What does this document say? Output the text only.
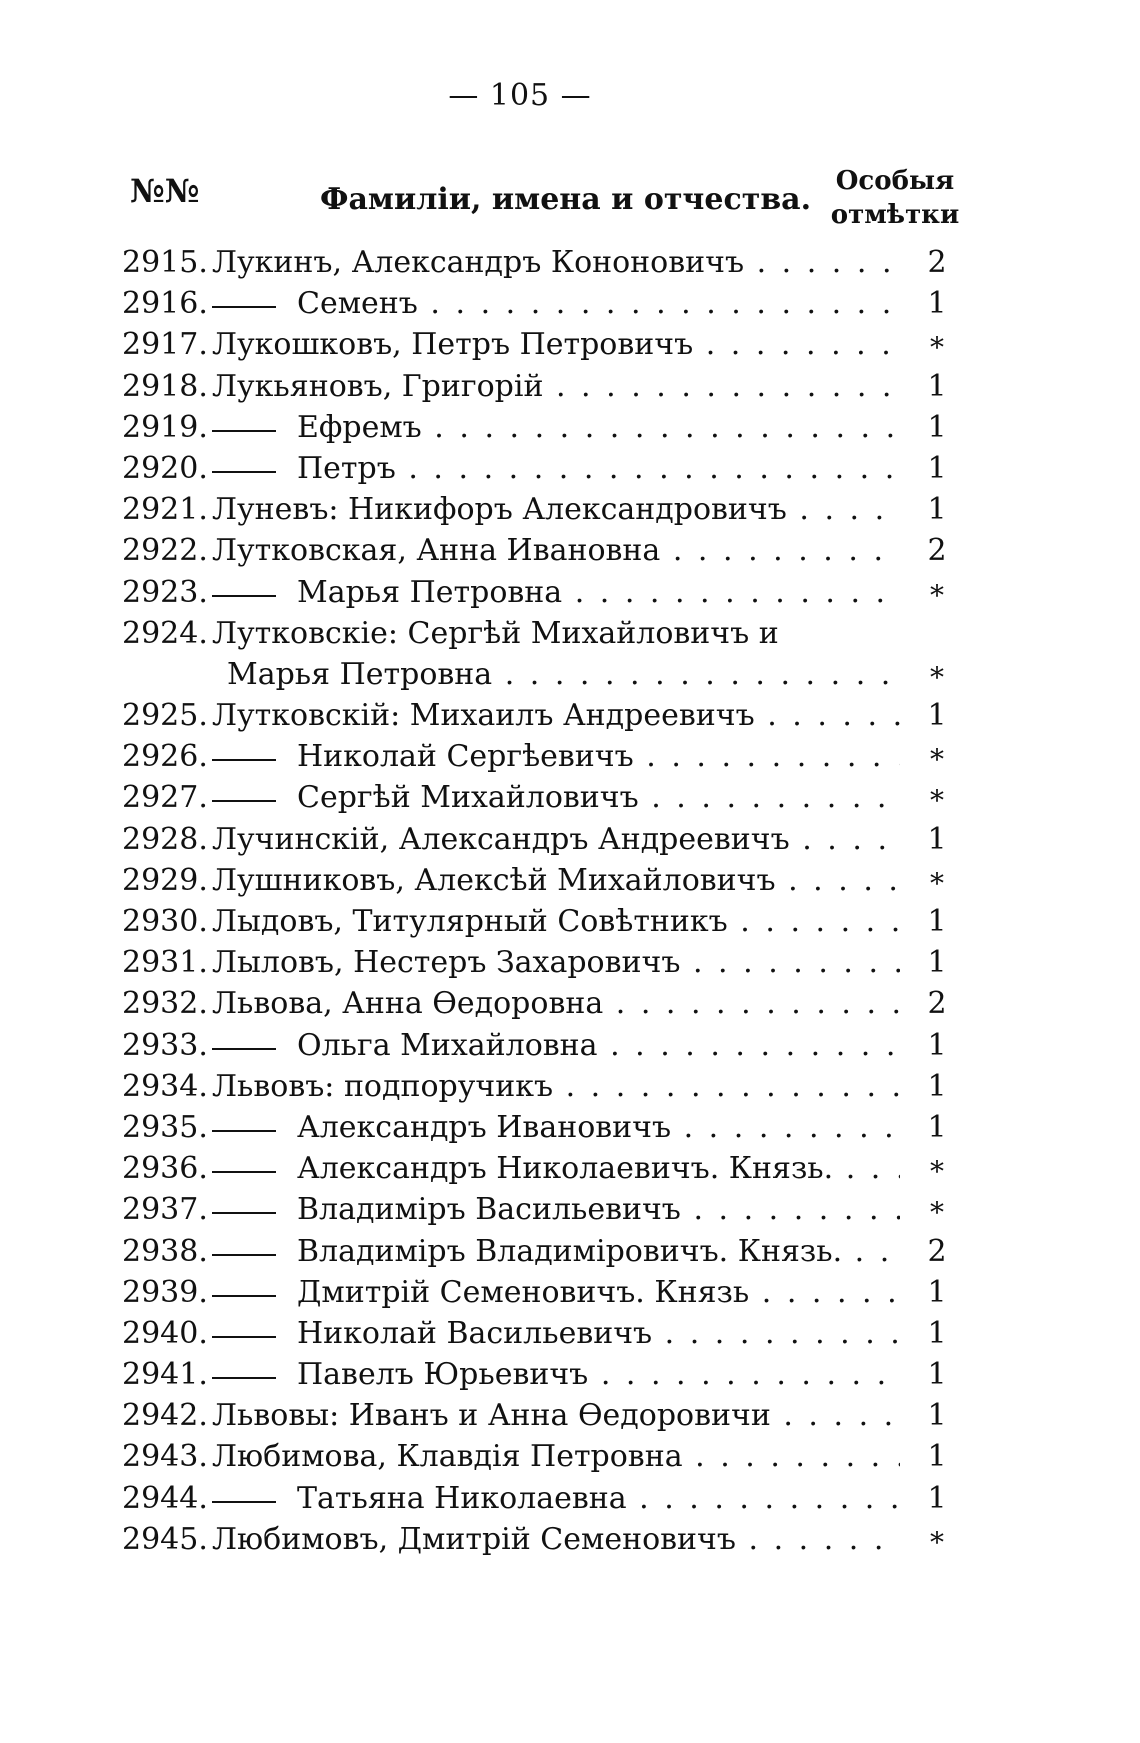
— 105 —
№№	Фамиліи, имена и отчества.
Особыя отмѣтки
2915. Лукинъ, Александръ Кононовичъ . . .	2
2916.	Семенъ . . .	1
2917. Лукошковъ, Петръ Петровичъ . . .	*
2918. Лукьяновъ, Григорій . . .	1
2919.	Ефремъ . . .	1
2920.	Петръ . . .	1
2921. Луневъ: Никифоръ Александровичъ . . .	1
2922. Лутковская, Анна Ивановна . . .	2
2923.	Марья Петровна . . .	*
2924. Лутковскіе: Сергѣй Михайловичъ и
Марья Петровна . . .	*
2925. Лутковскій: Михаилъ Андреевичъ . . .	1
2926.	Николай Сергѣевичъ . . .	*
2927.	Сергѣй Михайловичъ . . .	*
2928. Лучинскій, Александръ Андреевичъ . . .	1
2929. Лушниковъ, Алексѣй Михайловичъ . . .	*
2930. Лыдовъ, Титулярный Совѣтникъ . . .	1
2931. Лыловъ, Нестеръ Захаровичъ . . .	1
2932. Львова, Анна Өедоровна . . .	2
2933.	Ольга Михайловна . . .	1
2934. Львовъ: подпоручикъ . . .	1
2935.	Александръ Ивановичъ . . .	1
2936.	Александръ Николаевичъ. Князь. . . .	*
2937.	Владиміръ Васильевичъ . . .	*
2938.	Владиміръ Владиміровичъ. Князь. . . .	2
2939.	Дмитрій Семеновичъ. Князь . . .	1
2940.	Николай Васильевичъ . . .	1
2941.	Павелъ Юрьевичъ . . .	1
2942. Львовы: Иванъ и Анна Өедоровичи . . .	1
2943. Любимова, Клавдія Петровна . . .	1
2944.	Татьяна Николаевна . . .	1
2945. Любимовъ, Дмитрій Семеновичъ . . .	*
